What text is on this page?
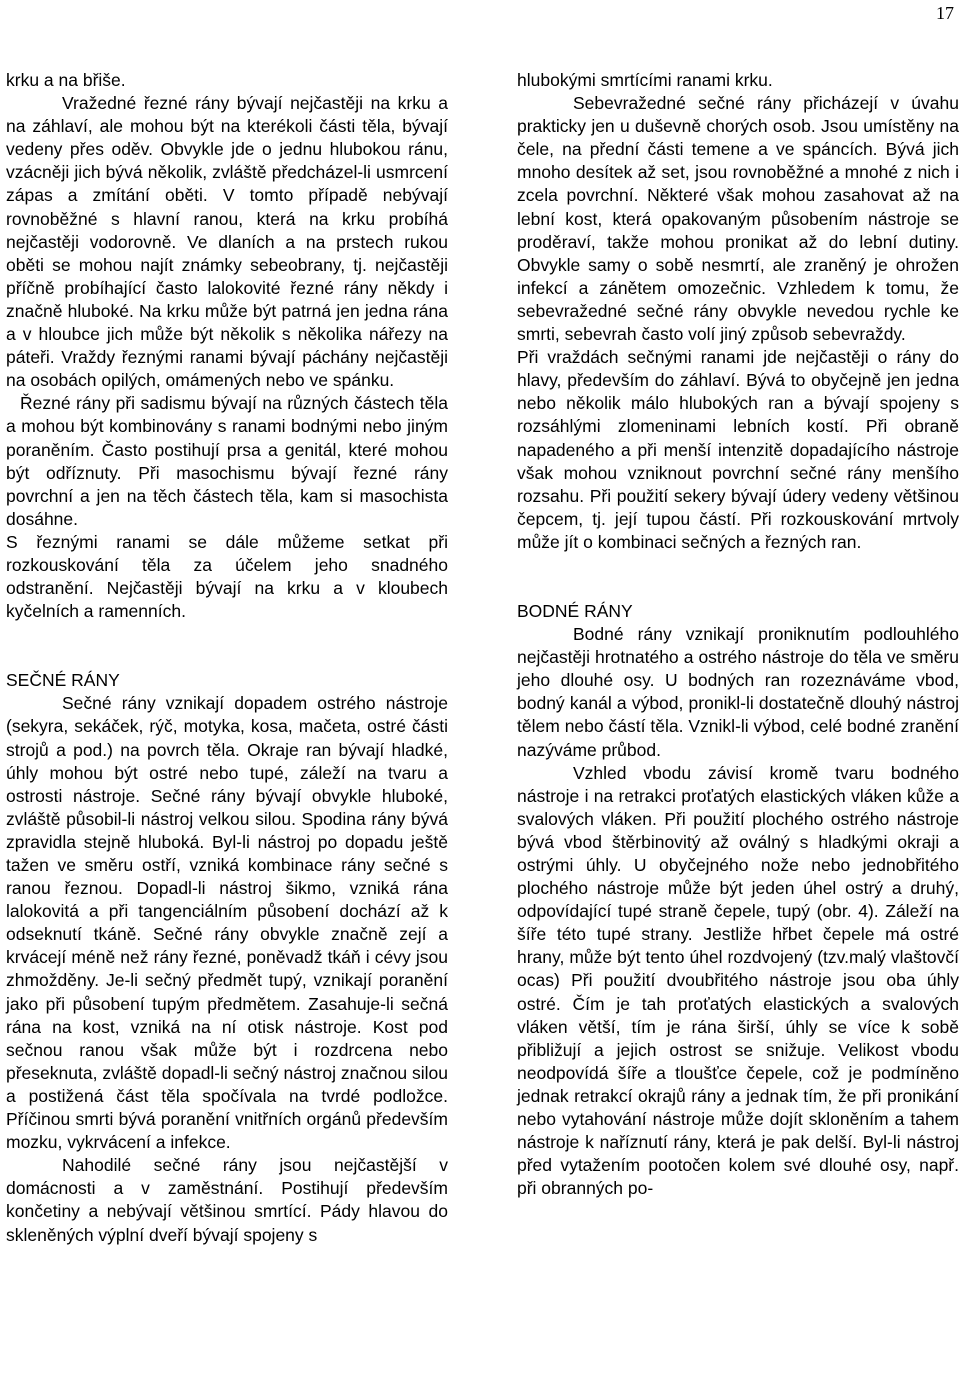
17

krku a na břiše.

Vražedné řezné rány bývají nejčastěji na krku a na záhlaví, ale mohou být na kterékoli části těla, bývají vedeny přes oděv. Obvykle jde o jednu hlubokou ránu, vzácněji jich bývá několik, zvláště předcházel-li usmrcení zápas a zmítání oběti. V tomto případě nebývají rovnoběžné s hlavní ranou, která na krku probíhá nejčastěji vodorovně. Ve dlaních a na prstech rukou oběti se mohou najít známky sebeobrany, tj. nejčastěji příčně probíhající často lalokovité řezné rány někdy i značně hluboké. Na krku může být patrná jen jedna rána a v hloubce jich může být několik s několika nářezy na páteři. Vraždy řeznými ranami bývají páchány nejčastěji na osobách opilých, omámených nebo ve spánku.

Řezné rány při sadismu bývají na různých částech těla a mohou být kombinovány s ranami bodnými nebo jiným poraněním. Často postihují prsa a genitál, které mohou být odříznuty. Při masochismu bývají řezné rány povrchní a jen na těch částech těla, kam si masochista dosáhne.

S řeznými ranami se dále můžeme setkat při rozkouskování těla za účelem jeho snadného odstranění. Nejčastěji bývají na krku a v kloubech kyčelních a ramenních.

SEČNÉ RÁNY

Sečné rány vznikají dopadem ostrého nástroje (sekyra, sekáček, rýč, motyka, kosa, mačeta, ostré části strojů a pod.) na povrch těla. Okraje ran bývají hladké, úhly mohou být ostré nebo tupé, záleží na tvaru a ostrosti nástroje. Sečné rány bývají obvykle hluboké, zvláště působil-li nástroj velkou silou. Spodina rány bývá zpravidla stejně hluboká. Byl-li nástroj po dopadu ještě tažen ve směru ostří, vzniká kombinace rány sečné s ranou řeznou. Dopadl-li nástroj šikmo, vzniká rána lalokovitá a při tangenciálním působení dochází až k odseknutí tkáně. Sečné rány obvykle značně zejí a krvácejí méně než rány řezné, poněvadž tkáň i cévy jsou zhmožděny. Je-li sečný předmět tupý, vznikají poranění jako při působení tupým předmětem. Zasahuje-li sečná rána na kost, vzniká na ní otisk nástroje. Kost pod sečnou ranou však může být i rozdrcena nebo přeseknuta, zvláště dopadl-li sečný nástroj značnou silou a postižená část těla spočívala na tvrdé podložce. Příčinou smrti bývá poranění vnitřních orgánů především mozku, vykrvácení a infekce.

Nahodilé sečné rány jsou nejčastější v domácnosti a v zaměstnání. Postihují především končetiny a nebývají většinou smrtící. Pády hlavou do skleněných výplní dveří bývají spojeny s

hlubokými smrtícími ranami krku.

Sebevražedné sečné rány přicházejí v úvahu prakticky jen u duševně chorých osob. Jsou umístěny na čele, na přední části temene a ve spáncích. Bývá jich mnoho desítek až set, jsou rovnoběžné a mnohé z nich i zcela povrchní. Některé však mohou zasahovat až na lební kost, která opakovaným působením nástroje se proděraví, takže mohou pronikat až do lební dutiny. Obvykle samy o sobě nesmrtí, ale zraněný je ohrožen infekcí a zánětem omozečnic. Vzhledem k tomu, že sebevražedné sečné rány obvykle nevedou rychle ke smrti, sebevrah často volí jiný způsob sebevraždy.

Při vraždách sečnými ranami jde nejčastěji o rány do hlavy, především do záhlaví. Bývá to obyčejně jen jedna nebo několik málo hlubokých ran a bývají spojeny s rozsáhlými zlomeninami lebních kostí. Při obraně napadeného a při menší intenzitě dopadajícího nástroje však mohou vzniknout povrchní sečné rány menšího rozsahu. Při použití sekery bývají údery vedeny většinou čepcem, tj. její tupou částí. Při rozkouskování mrtvoly může jít o kombinaci sečných a řezných ran.

BODNÉ RÁNY

Bodné rány vznikají proniknutím podlouhlého nejčastěji hrotnatého a ostrého nástroje do těla ve směru jeho dlouhé osy. U bodných ran rozeznáváme vbod, bodný kanál a výbod, pronikl-li dostatečně dlouhý nástroj tělem nebo částí těla. Vznikl-li výbod, celé bodné zranění nazýváme průbod.

Vzhled vbodu závisí kromě tvaru bodného nástroje i na retrakci proťatých elastických vláken kůže a svalových vláken. Při použití plochého ostrého nástroje bývá vbod štěrbinovitý až oválný s hladkými okraji a ostrými úhly. U obyčejného nože nebo jednobřitého plochého nástroje může být jeden úhel ostrý a druhý, odpovídající tupé straně čepele, tupý (obr. 4). Záleží na šíře této tupé strany. Jestliže hřbet čepele má ostré hrany, může být tento úhel rozdvojený (tzv.malý vlaštovčí ocas) Při použití dvoubřitého nástroje jsou oba úhly ostré. Čím je tah proťatých elastických a svalových vláken větší, tím je rána širší, úhly se více k sobě přibližují a jejich ostrost se snižuje. Velikost vbodu neodpovídá šíře a tloušťce čepele, což je podmíněno jednak retrakcí okrajů rány a jednak tím, že při pronikání nebo vytahování nástroje může dojít skloněním a tahem nástroje k naříznutí rány, která je pak delší. Byl-li nástroj před vytažením pootočen kolem své dlouhé osy, např. při obranných po-
